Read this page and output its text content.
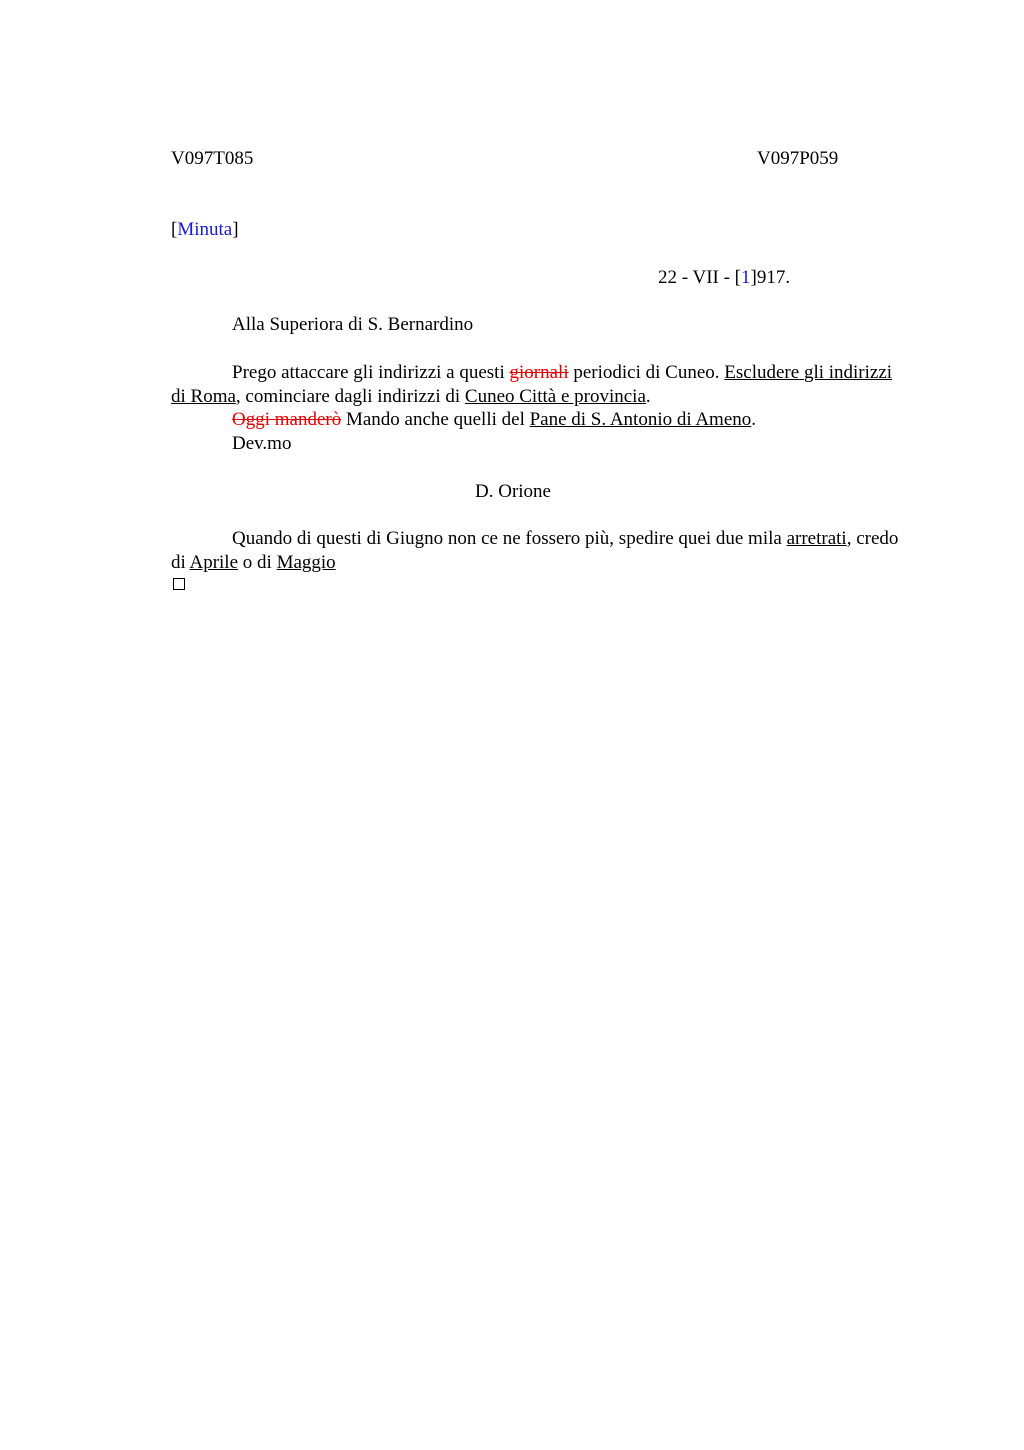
V097T085	V097P059
[Minuta]
22 - VII - [1]917.
Alla Superiora di S. Bernardino
Prego attaccare gli indirizzi a questi giornali periodici di Cuneo. Escludere gli indirizzi di Roma, cominciare dagli indirizzi di Cuneo Città e provincia.
Oggi manderò Mando anche quelli del Pane di S. Antonio di Ameno.
Dev.mo
D. Orione
Quando di questi di Giugno non ce ne fossero più, spedire quei due mila arretrati, credo di Aprile o di Maggio
